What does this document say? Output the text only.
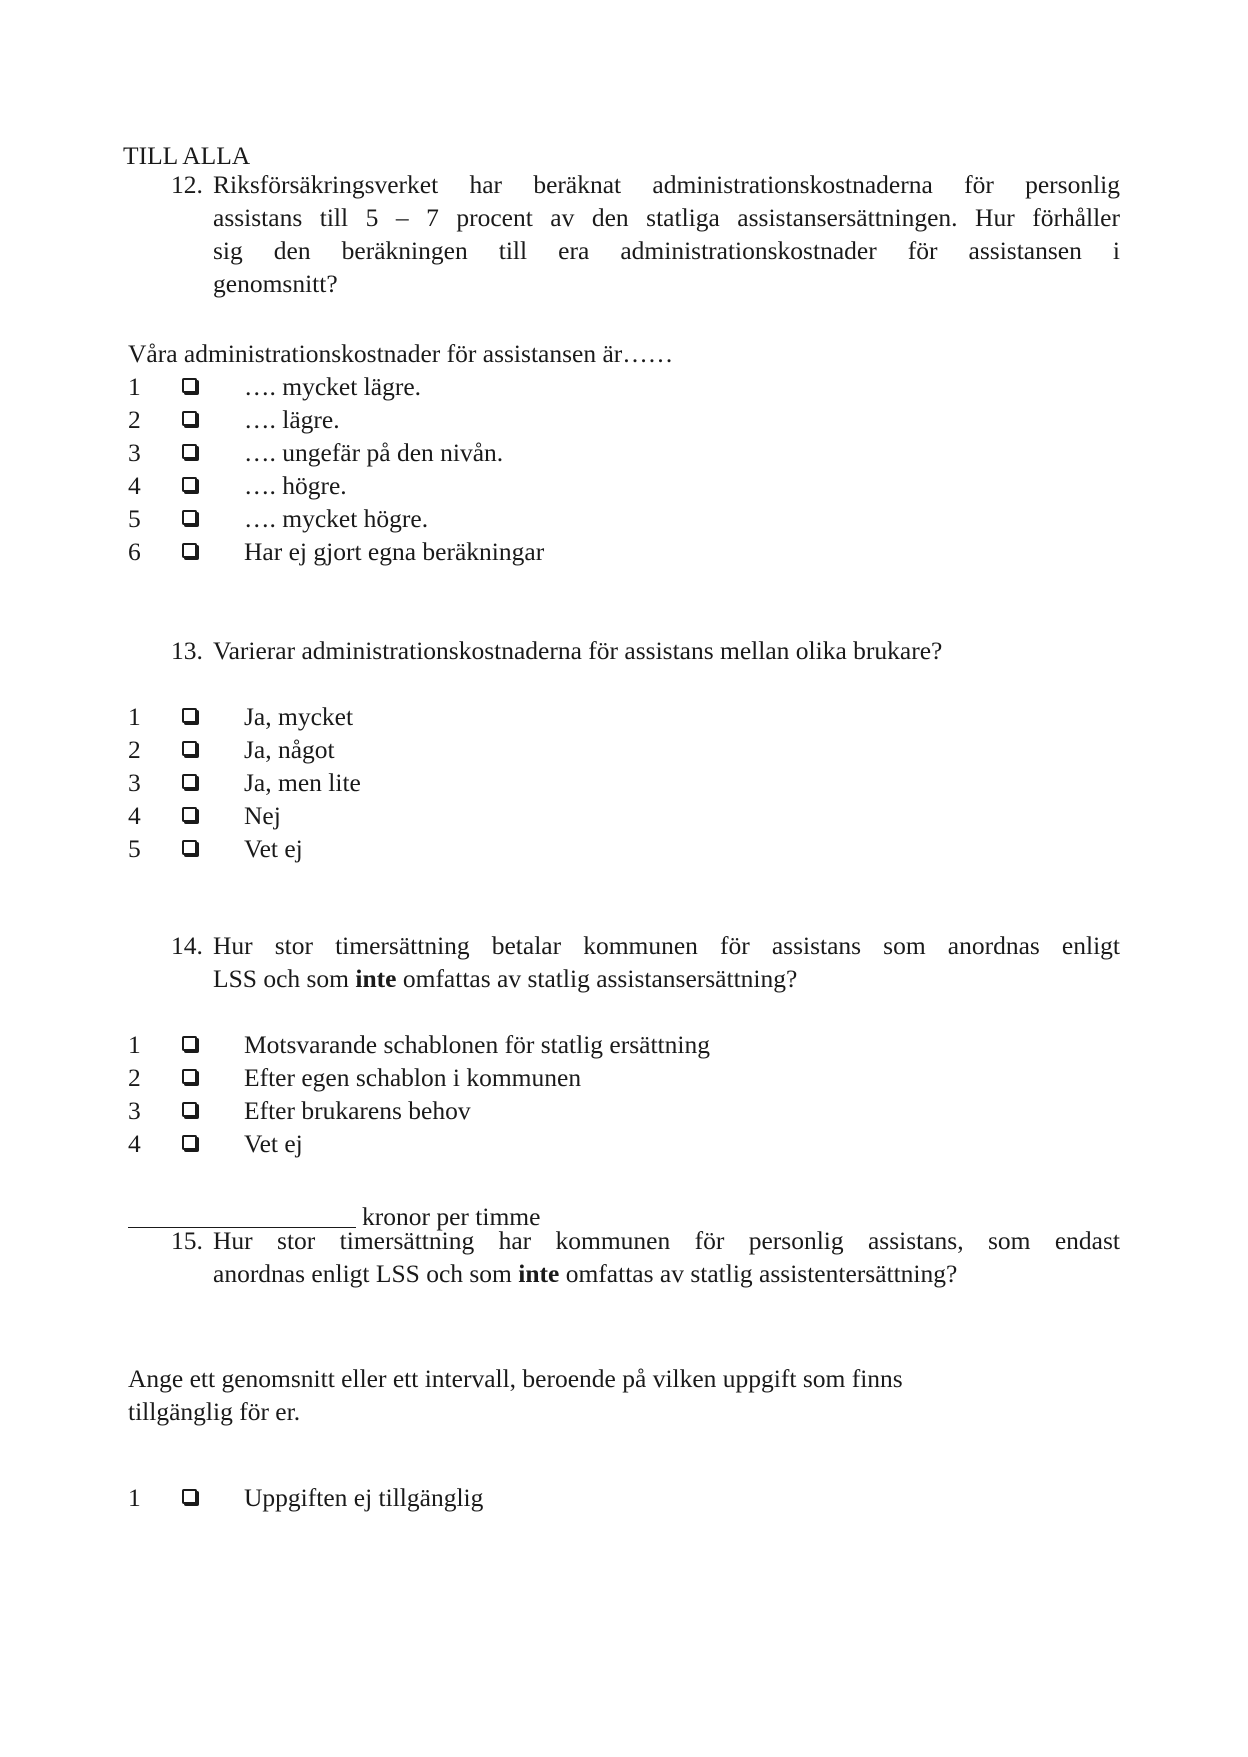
TILL ALLA
12. Riksförsäkringsverket har beräknat administrationskostnaderna för personlig
assistans till 5 – 7 procent av den statliga assistansersättningen. Hur förhåller
sig den beräkningen till era administrationskostnader för assistansen i
genomsnitt?
Våra administrationskostnader för assistansen är……
1	…. mycket lägre.
2	…. lägre.
3	…. ungefär på den nivån.
4	…. högre.
5	…. mycket högre.
6	Har ej gjort egna beräkningar
13. Varierar administrationskostnaderna för assistans mellan olika brukare?
1	Ja, mycket
2	Ja, något
3	Ja, men lite
4	Nej
5	Vet ej
14. Hur stor timersättning betalar kommunen för assistans som anordnas enligt
LSS och som inte omfattas av statlig assistansersättning?
1	Motsvarande schablonen för statlig ersättning
2	Efter egen schablon i kommunen
3	Efter brukarens behov
4	Vet ej
15. Hur stor timersättning har kommunen för personlig assistans, som endast
anordnas enligt LSS och som inte omfattas av statlig assistentersättning?
kronor per timme
Ange ett genomsnitt eller ett intervall, beroende på vilken uppgift som finns
tillgänglig för er.
1	Uppgiften ej tillgänglig
